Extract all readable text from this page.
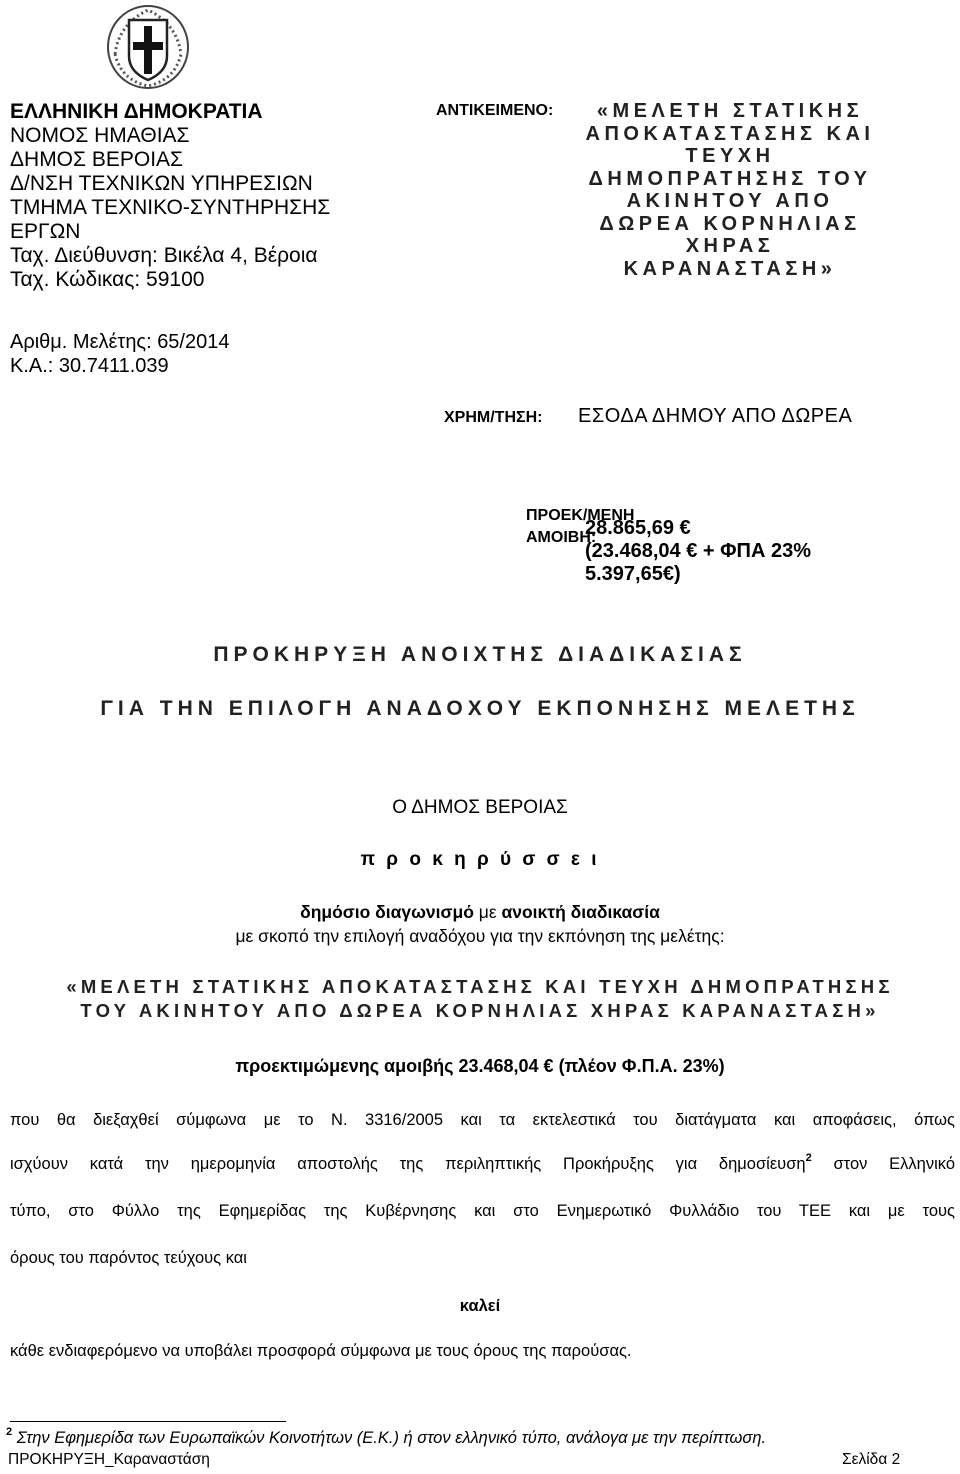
ΕΛΛΗΝΙΚΗ ΔΗΜΟΚΡΑΤΙΑ
ΝΟΜΟΣ ΗΜΑΘΙΑΣ
ΔΗΜΟΣ ΒΕΡΟΙΑΣ
Δ/ΝΣΗ ΤΕΧΝΙΚΩΝ ΥΠΗΡΕΣΙΩΝ
ΤΜΗΜΑ ΤΕΧΝΙΚΟ-ΣΥΝΤΗΡΗΣΗΣ
ΕΡΓΩΝ
Ταχ. Διεύθυνση: Βικέλα 4, Βέροια
Ταχ. Κώδικας: 59100
Αριθμ. Μελέτης: 65/2014
Κ.Α.: 30.7411.039
ΑΝΤΙΚΕΙΜΕΝΟ:	«ΜΕΛΕΤΗ ΣΤΑΤΙΚΗΣ
ΑΠΟΚΑΤΑΣΤΑΣΗΣ ΚΑΙ
ΤΕΥΧΗ
ΔΗΜΟΠΡΑΤΗΣΗΣ ΤΟΥ
ΑΚΙΝΗΤΟΥ ΑΠΟ
ΔΩΡΕΑ ΚΟΡΝΗΛΙΑΣ
ΧΗΡΑΣ
ΚΑΡΑΝΑΣΤΑΣΗ»
ΧΡΗΜ/ΤΗΣΗ: ΕΣΟΔΑ ΔΗΜΟΥ ΑΠΟ ΔΩΡΕΑ
ΠΡΟΕΚ/ΜΕΝΗ
ΑΜΟΙΒΗ:
28.865,69 €
(23.468,04 € + ΦΠΑ 23%
5.397,65€)
ΠΡΟΚΗΡΥΞΗ ΑΝΟΙΧΤΗΣ ΔΙΑΔΙΚΑΣΙΑΣ
ΓΙΑ ΤΗΝ ΕΠΙΛΟΓΗ ΑΝΑΔΟΧΟΥ ΕΚΠΟΝΗΣΗΣ ΜΕΛΕΤΗΣ
Ο ΔΗΜΟΣ ΒΕΡΟΙΑΣ
π ρ ο κ η ρ ύ σ σ ε ι
δημόσιο διαγωνισμό με ανοικτή διαδικασία
με σκοπό την επιλογή αναδόχου για την εκπόνηση της μελέτης:
«ΜΕΛΕΤΗ ΣΤΑΤΙΚΗΣ ΑΠΟΚΑΤΑΣΤΑΣΗΣ ΚΑΙ ΤΕΥΧΗ ΔΗΜΟΠΡΑΤΗΣΗΣ
ΤΟΥ ΑΚΙΝΗΤΟΥ ΑΠΟ ΔΩΡΕΑ ΚΟΡΝΗΛΙΑΣ ΧΗΡΑΣ ΚΑΡΑΝΑΣΤΑΣΗ»
προεκτιμώμενης αμοιβής 23.468,04 € (πλέον Φ.Π.Α. 23%)
που θα διεξαχθεί σύμφωνα με το Ν. 3316/2005 και τα εκτελεστικά του διατάγματα και αποφάσεις, όπως
ισχύουν κατά την ημερομηνία αποστολής της περιληπτικής Προκήρυξης για δημοσίευση$^2$ στον Ελληνικό
τύπο, στο Φύλλο της Εφημερίδας της Κυβέρνησης και στο Ενημερωτικό Φυλλάδιο του ΤΕΕ και με τους
όρους του παρόντος τεύχους και
καλεί
κάθε ενδιαφερόμενο να υποβάλει προσφορά σύμφωνα με τους όρους της παρούσας.
$^2$ Στην Εφημερίδα των Ευρωπαϊκών Κοινοτήτων (Ε.Κ.) ή στον ελληνικό τύπο, ανάλογα με την περίπτωση.
ΠΡΟΚΗΡΥΞΗ_Καραναστάση	Σελίδα 2
